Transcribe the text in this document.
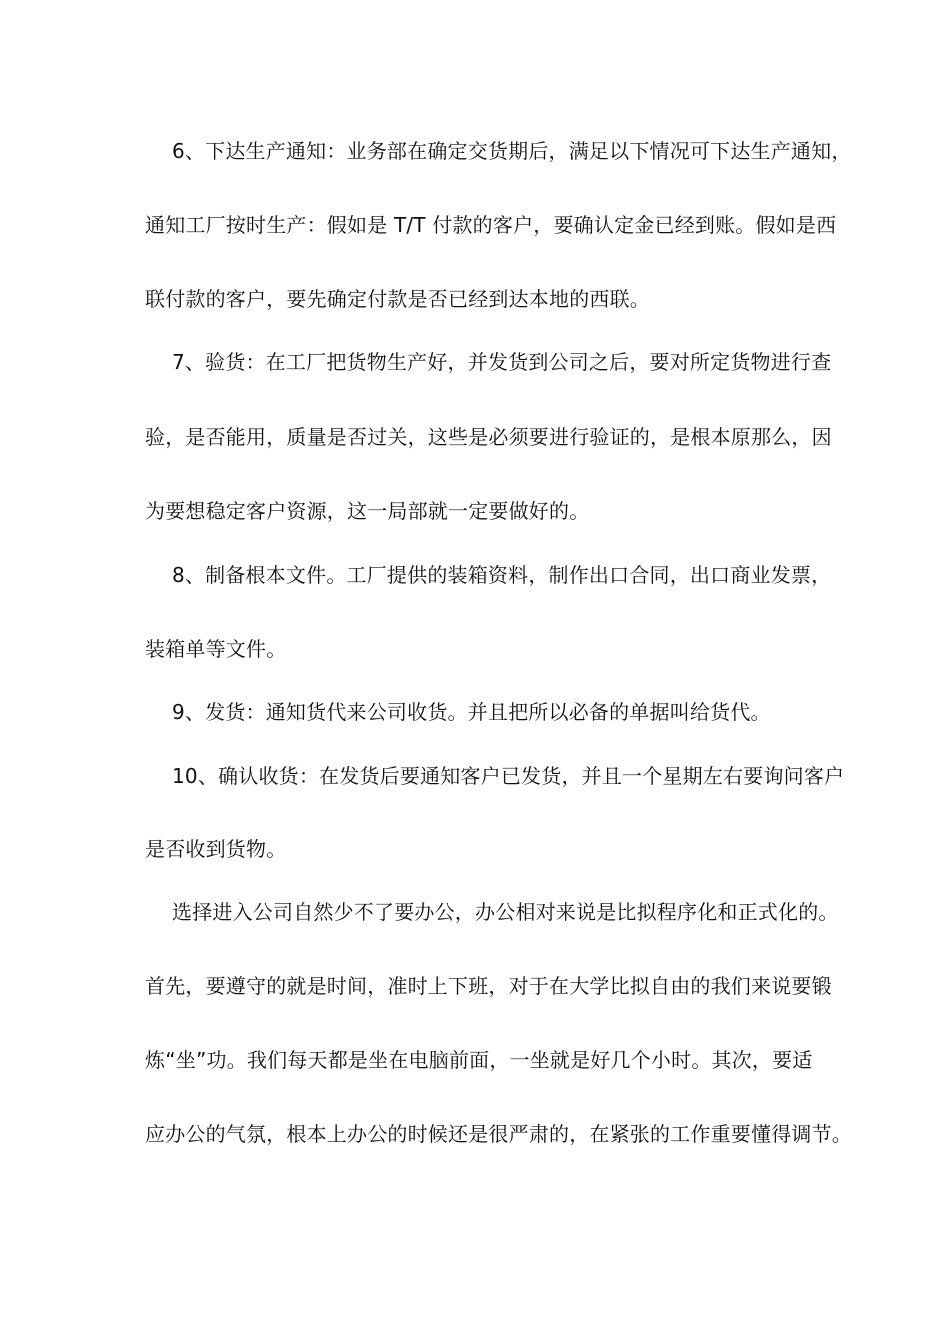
6、下达生产通知：业务部在确定交货期后，满足以下情况可下达生产通知，
通知工厂按时生产：假如是 T/T 付款的客户，要确认定金已经到账。假如是西
联付款的客户，要先确定付款是否已经到达本地的西联。
7、验货：在工厂把货物生产好，并发货到公司之后，要对所定货物进行查
验，是否能用，质量是否过关，这些是必须要进行验证的，是根本原那么，因
为要想稳定客户资源，这一局部就一定要做好的。
8、制备根本文件。工厂提供的装箱资料，制作出口合同，出口商业发票，
装箱单等文件。
9、发货：通知货代来公司收货。并且把所以必备的单据叫给货代。
10、确认收货：在发货后要通知客户已发货，并且一个星期左右要询问客户
是否收到货物。
选择进入公司自然少不了要办公，办公相对来说是比拟程序化和正式化的。
首先，要遵守的就是时间，准时上下班，对于在大学比拟自由的我们来说要锻
炼“坐”功。我们每天都是坐在电脑前面，一坐就是好几个小时。其次，要适
应办公的气氛，根本上办公的时候还是很严肃的，在紧张的工作重要懂得调节。
